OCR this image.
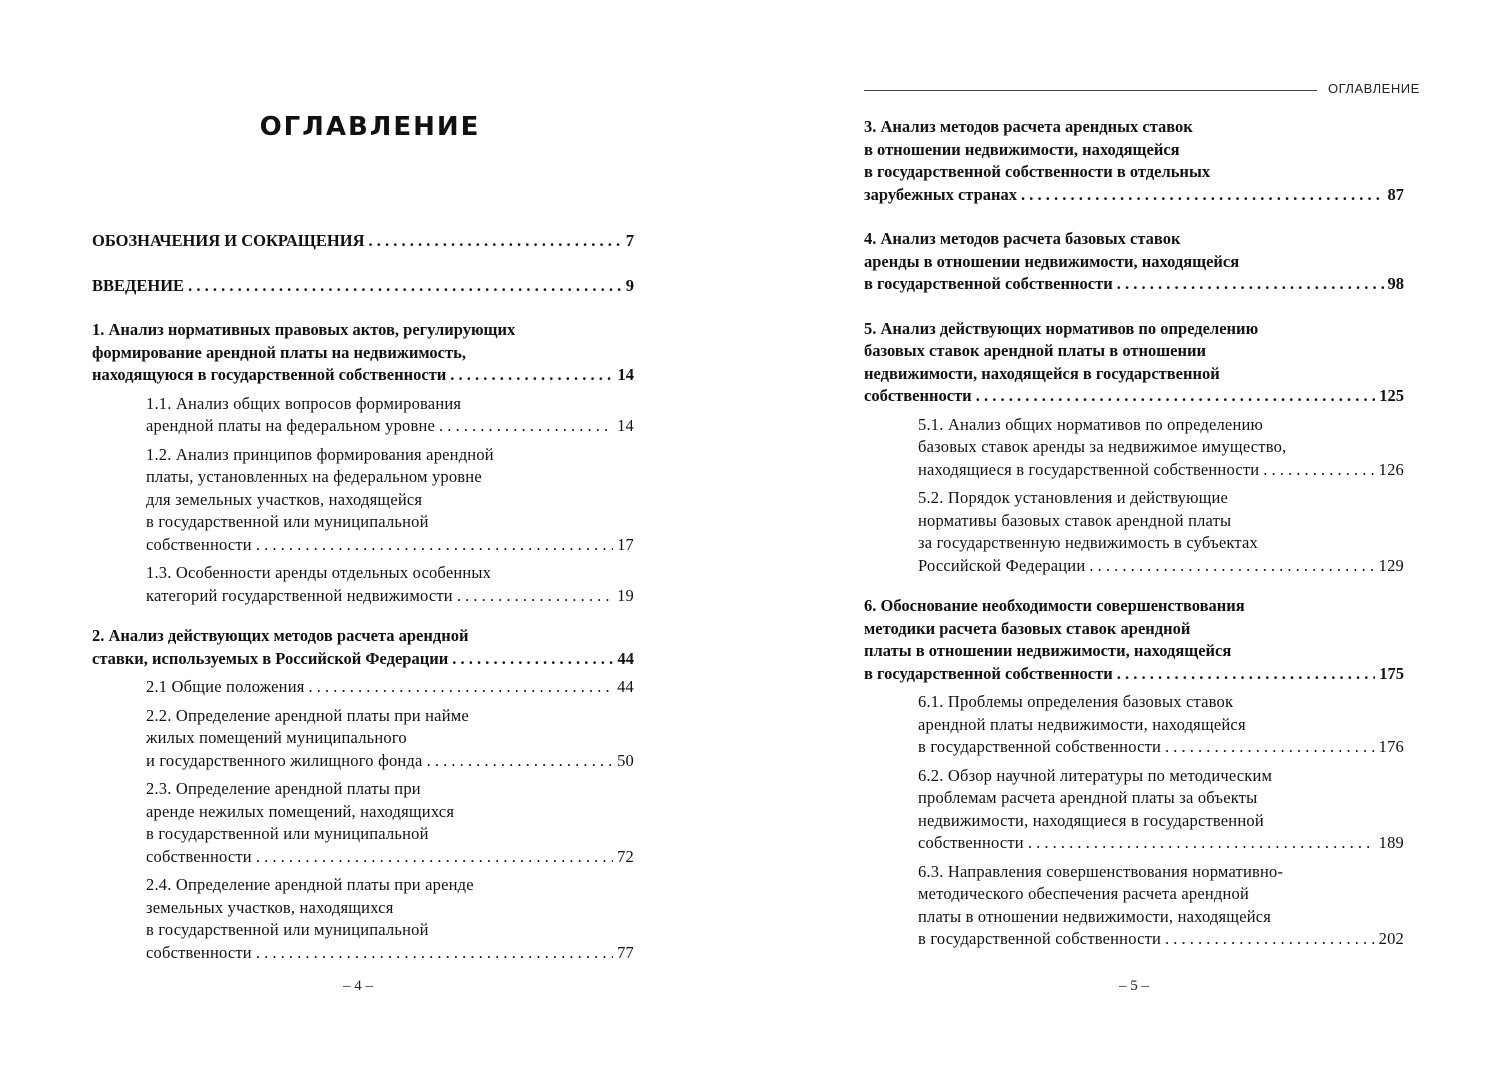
ОГЛАВЛЕНИЕ
ОБОЗНАЧЕНИЯ И СОКРАЩЕНИЯ . . .	7
ВВЕДЕНИЕ . . .	9
1. Анализ нормативных правовых актов, регулирующих
формирование арендной платы на недвижимость,
находящуюся в государственной собственности . . .	14
1.1. Анализ общих вопросов формирования
арендной платы на федеральном уровне . . .	14
1.2. Анализ принципов формирования арендной
платы, установленных на федеральном уровне
для земельных участков, находящейся
в государственной или муниципальной
собственности . . .	17
1.3. Особенности аренды отдельных особенных
категорий государственной недвижимости . . .	19
2. Анализ действующих методов расчета арендной
ставки, используемых в Российской Федерации . . .	44
2.1 Общие положения . . .	44
2.2. Определение арендной платы при найме
жилых помещений муниципального
и государственного жилищного фонда . . .	50
2.3. Определение арендной платы при
аренде нежилых помещений, находящихся
в государственной или муниципальной
собственности . . .	72
2.4. Определение арендной платы при аренде
земельных участков, находящихся
в государственной или муниципальной
собственности . . .	77
– 4 –
ОГЛАВЛЕНИЕ
3. Анализ методов расчета арендных ставок
в отношении недвижимости, находящейся
в государственной собственности в отдельных
зарубежных странах . . .	87
4. Анализ методов расчета базовых ставок
аренды в отношении недвижимости, находящейся
в государственной собственности . . .	98
5. Анализ действующих нормативов по определению
базовых ставок арендной платы в отношении
недвижимости, находящейся в государственной
собственности . . .	125
5.1. Анализ общих нормативов по определению
базовых ставок аренды за недвижимое имущество,
находящиеся в государственной собственности . . .	126
5.2. Порядок установления и действующие
нормативы базовых ставок арендной платы
за государственную недвижимость в субъектах
Российской Федерации . . .	129
6. Обоснование необходимости совершенствования
методики расчета базовых ставок арендной
платы в отношении недвижимости, находящейся
в государственной собственности . . .	175
6.1. Проблемы определения базовых ставок
арендной платы недвижимости, находящейся
в государственной собственности . . .	176
6.2. Обзор научной литературы по методическим
проблемам расчета арендной платы за объекты
недвижимости, находящиеся в государственной
собственности . . .	189
6.3. Направления совершенствования нормативно-
методического обеспечения расчета арендной
платы в отношении недвижимости, находящейся
в государственной собственности . . .	202
– 5 –
